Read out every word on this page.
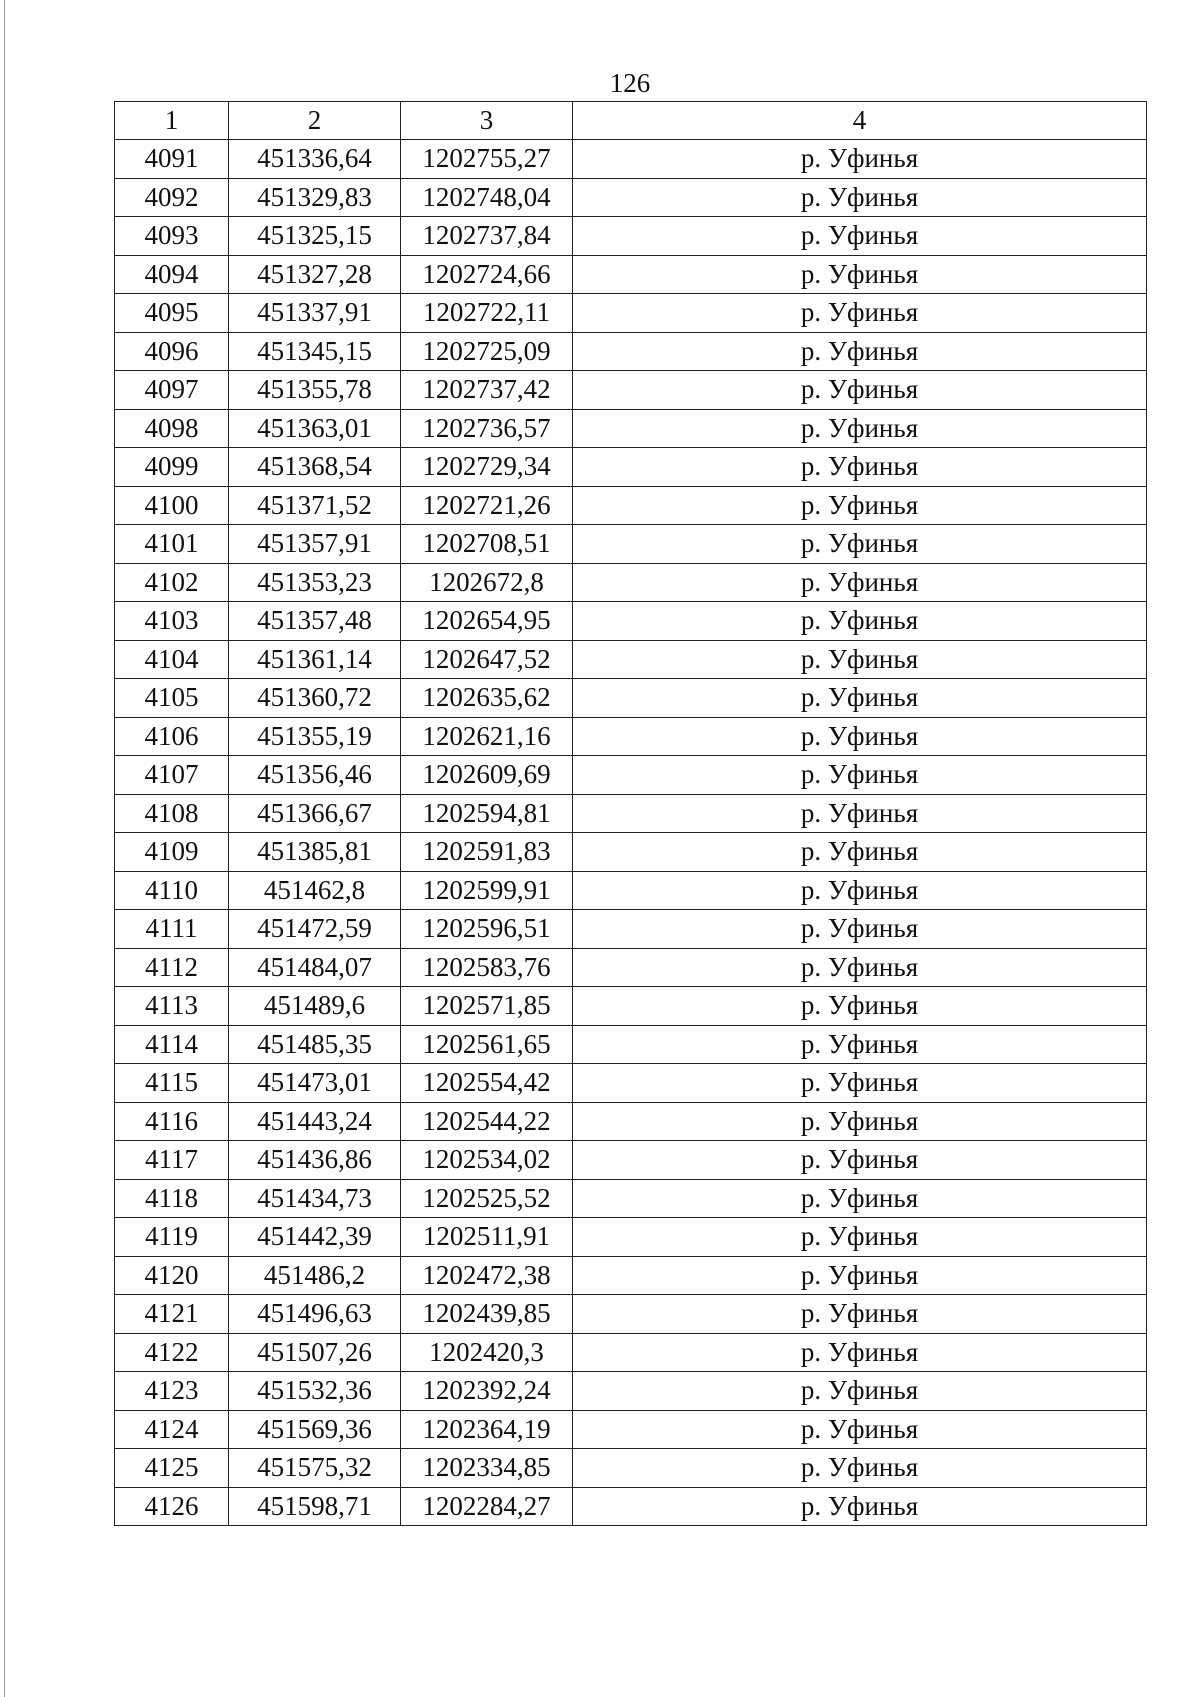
126
1	2	3	4
4091	451336,64	1202755,27	р. Уфинья
4092	451329,83	1202748,04	р. Уфинья
4093	451325,15	1202737,84	р. Уфинья
4094	451327,28	1202724,66	р. Уфинья
4095	451337,91	1202722,11	р. Уфинья
4096	451345,15	1202725,09	р. Уфинья
4097	451355,78	1202737,42	р. Уфинья
4098	451363,01	1202736,57	р. Уфинья
4099	451368,54	1202729,34	р. Уфинья
4100	451371,52	1202721,26	р. Уфинья
4101	451357,91	1202708,51	р. Уфинья
4102	451353,23	1202672,8	р. Уфинья
4103	451357,48	1202654,95	р. Уфинья
4104	451361,14	1202647,52	р. Уфинья
4105	451360,72	1202635,62	р. Уфинья
4106	451355,19	1202621,16	р. Уфинья
4107	451356,46	1202609,69	р. Уфинья
4108	451366,67	1202594,81	р. Уфинья
4109	451385,81	1202591,83	р. Уфинья
4110	451462,8	1202599,91	р. Уфинья
4111	451472,59	1202596,51	р. Уфинья
4112	451484,07	1202583,76	р. Уфинья
4113	451489,6	1202571,85	р. Уфинья
4114	451485,35	1202561,65	р. Уфинья
4115	451473,01	1202554,42	р. Уфинья
4116	451443,24	1202544,22	р. Уфинья
4117	451436,86	1202534,02	р. Уфинья
4118	451434,73	1202525,52	р. Уфинья
4119	451442,39	1202511,91	р. Уфинья
4120	451486,2	1202472,38	р. Уфинья
4121	451496,63	1202439,85	р. Уфинья
4122	451507,26	1202420,3	р. Уфинья
4123	451532,36	1202392,24	р. Уфинья
4124	451569,36	1202364,19	р. Уфинья
4125	451575,32	1202334,85	р. Уфинья
4126	451598,71	1202284,27	р. Уфинья
